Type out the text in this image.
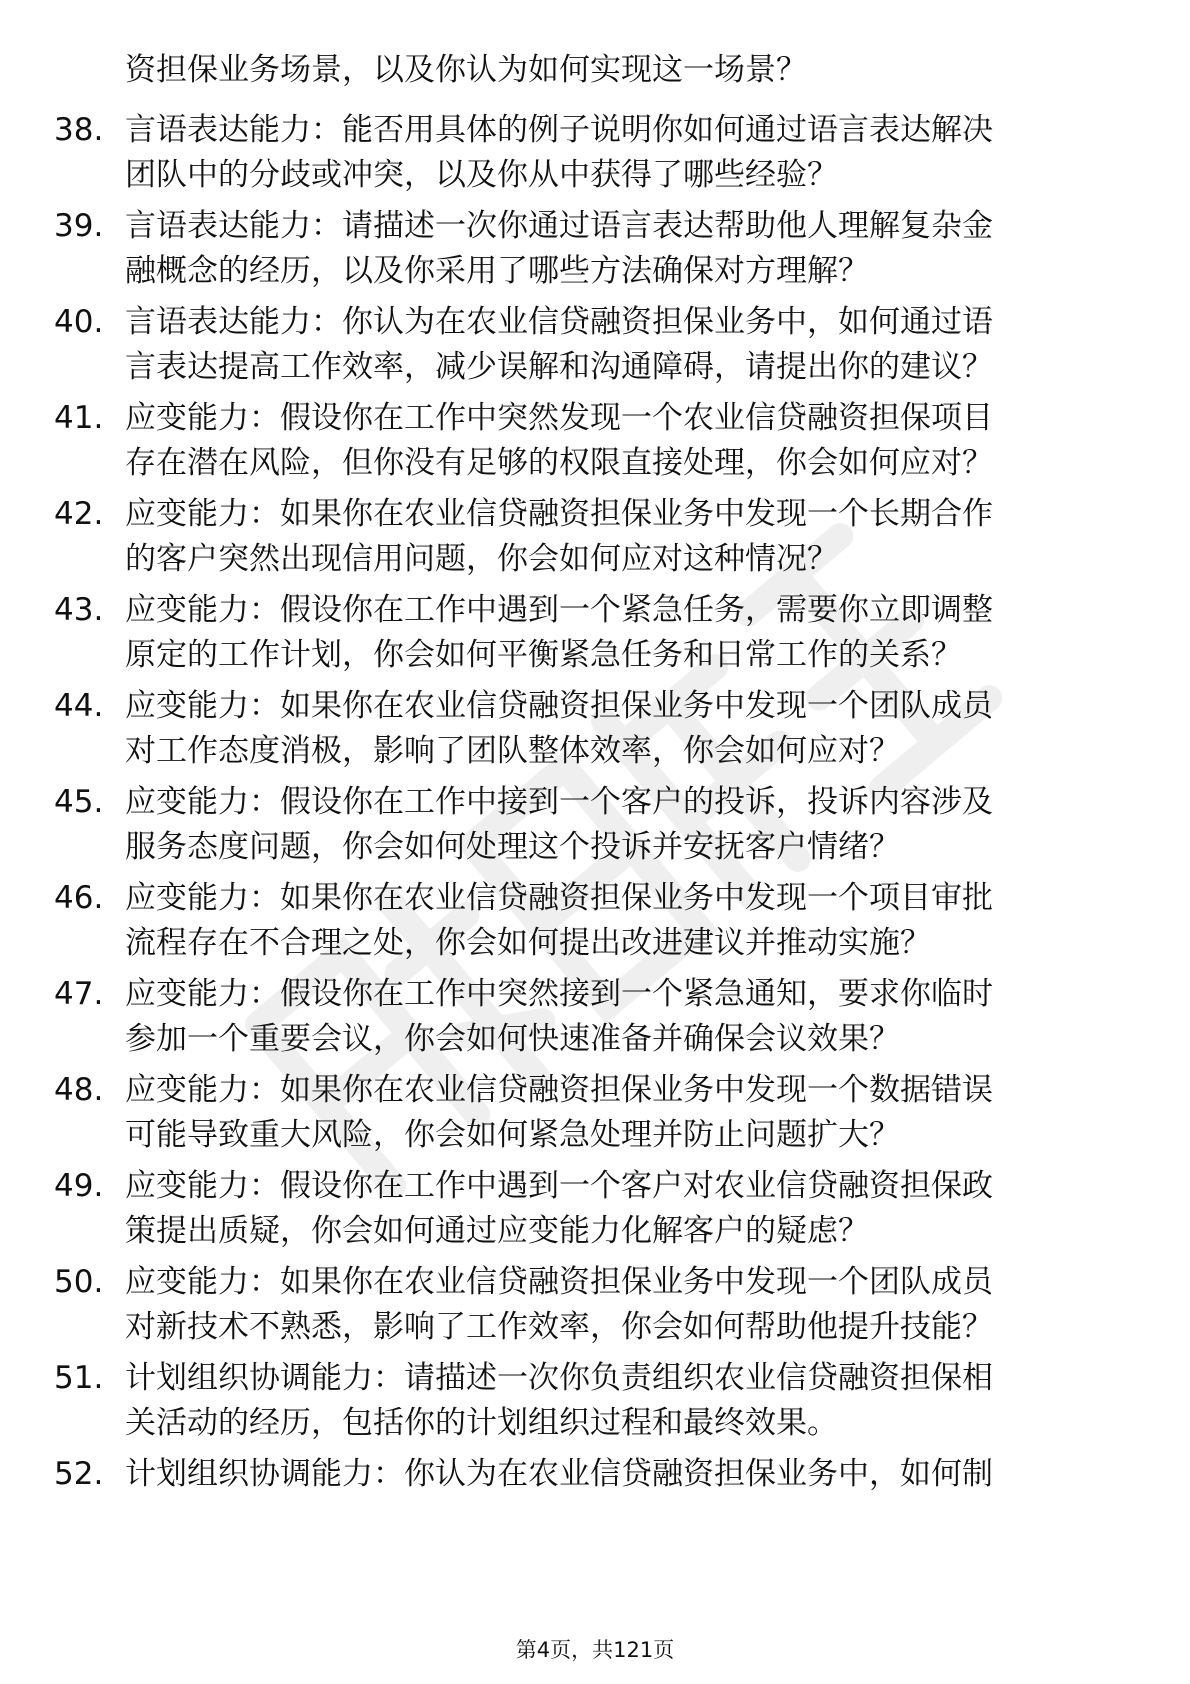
资担保业务场景，以及你认为如何实现这一场景？
38. 言语表达能力：能否用具体的例子说明你如何通过语言表达解决
团队中的分歧或冲突，以及你从中获得了哪些经验？
39. 言语表达能力：请描述一次你通过语言表达帮助他人理解复杂金
融概念的经历，以及你采用了哪些方法确保对方理解？
40. 言语表达能力：你认为在农业信贷融资担保业务中，如何通过语
言表达提高工作效率，减少误解和沟通障碍，请提出你的建议？
41. 应变能力：假设你在工作中突然发现一个农业信贷融资担保项目
存在潜在风险，但你没有足够的权限直接处理，你会如何应对？
42. 应变能力：如果你在农业信贷融资担保业务中发现一个长期合作
的客户突然出现信用问题，你会如何应对这种情况？
43. 应变能力：假设你在工作中遇到一个紧急任务，需要你立即调整
原定的工作计划，你会如何平衡紧急任务和日常工作的关系？
44. 应变能力：如果你在农业信贷融资担保业务中发现一个团队成员
对工作态度消极，影响了团队整体效率，你会如何应对？
45. 应变能力：假设你在工作中接到一个客户的投诉，投诉内容涉及
服务态度问题，你会如何处理这个投诉并安抚客户情绪？
46. 应变能力：如果你在农业信贷融资担保业务中发现一个项目审批
流程存在不合理之处，你会如何提出改进建议并推动实施？
47. 应变能力：假设你在工作中突然接到一个紧急通知，要求你临时
参加一个重要会议，你会如何快速准备并确保会议效果？
48. 应变能力：如果你在农业信贷融资担保业务中发现一个数据错误
可能导致重大风险，你会如何紧急处理并防止问题扩大？
49. 应变能力：假设你在工作中遇到一个客户对农业信贷融资担保政
策提出质疑，你会如何通过应变能力化解客户的疑虑？
50. 应变能力：如果你在农业信贷融资担保业务中发现一个团队成员
对新技术不熟悉，影响了工作效率，你会如何帮助他提升技能？
51. 计划组织协调能力：请描述一次你负责组织农业信贷融资担保相
关活动的经历，包括你的计划组织过程和最终效果。
52. 计划组织协调能力：你认为在农业信贷融资担保业务中，如何制
第4页，共121页
